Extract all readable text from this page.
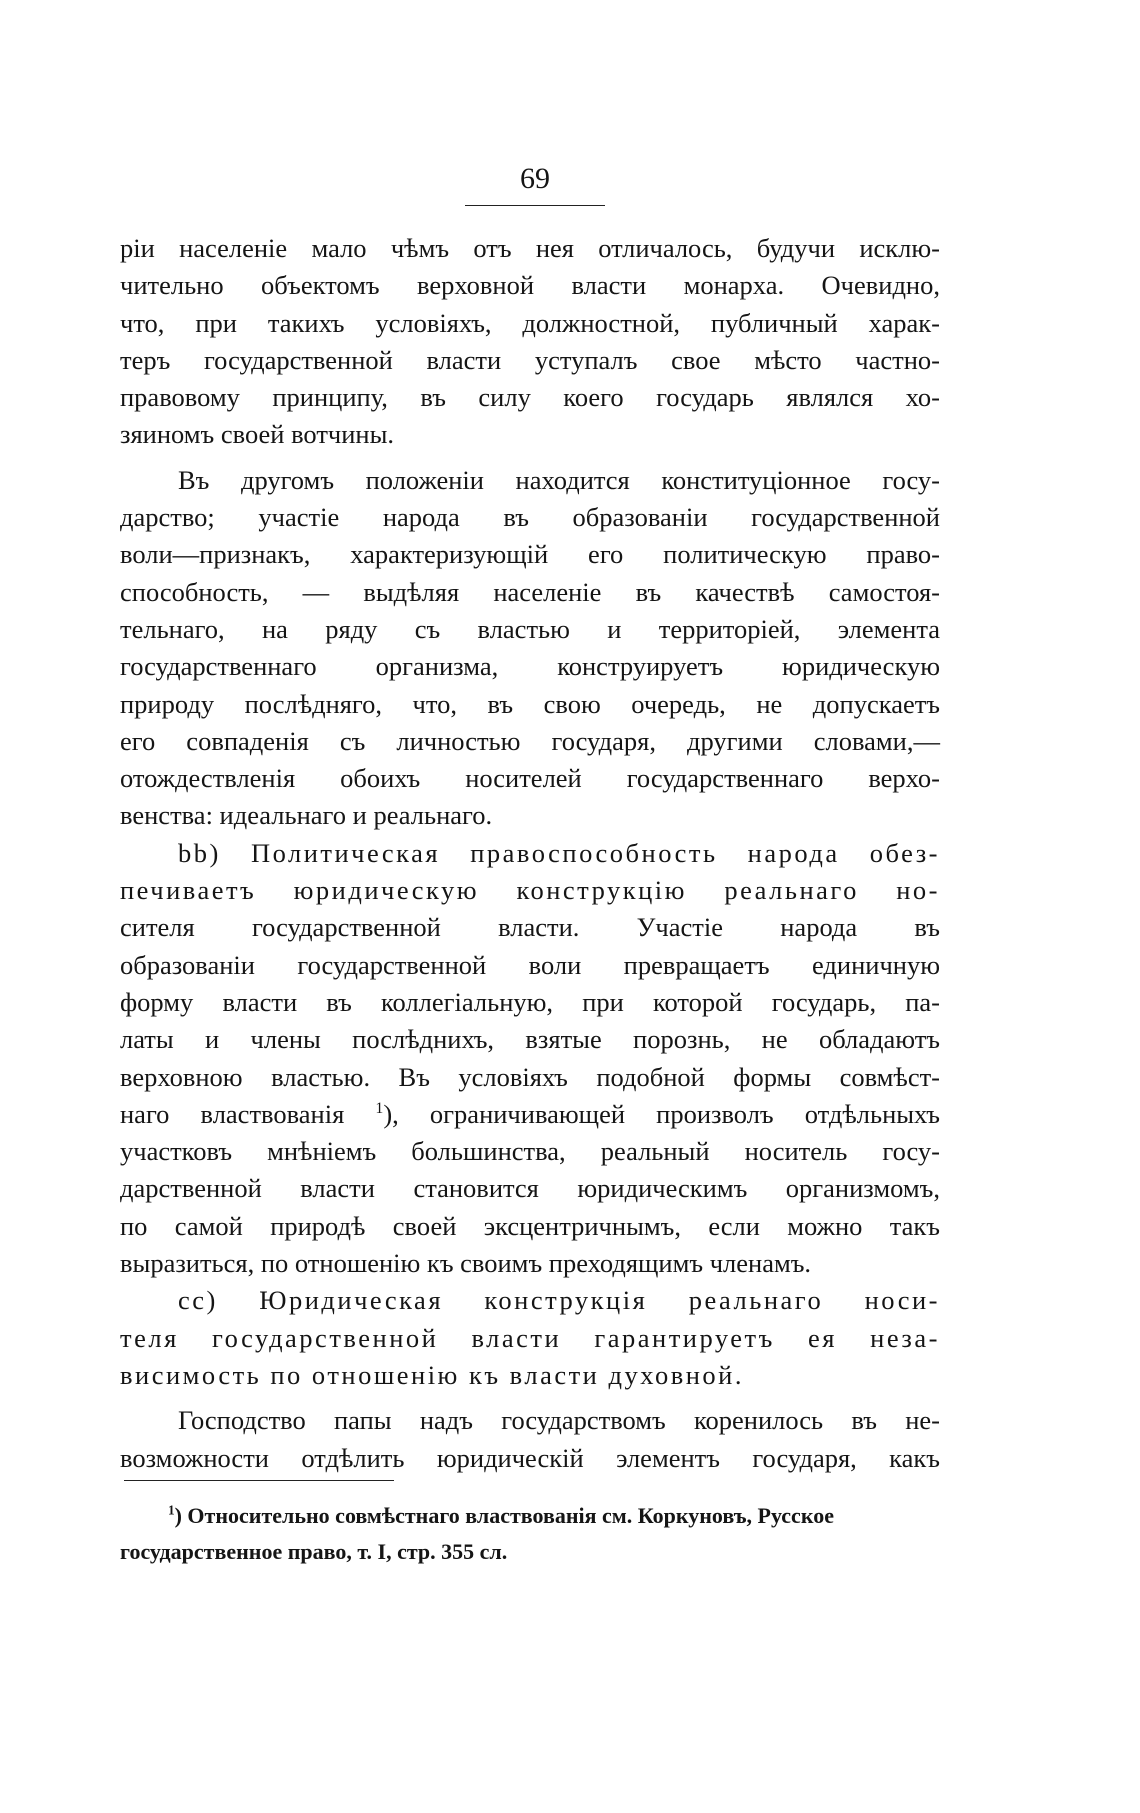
69
ріи населеніе мало чѣмъ отъ нея отличалось, будучи исклю-
чительно объектомъ верховной власти монарха. Очевидно,
что, при такихъ условіяхъ, должностной, публичный харак-
теръ государственной власти уступалъ свое мѣсто частно-
правовому принципу, въ силу коего государь являлся хо-
зяиномъ своей вотчины.
Въ другомъ положеніи находится конституціонное госу-
дарство; участіе народа въ образованіи государственной
воли—признакъ, характеризующій его политическую право-
способность, — выдѣляя населеніе въ качествѣ самостоя-
тельнаго, на ряду съ властью и территоріей, элемента
государственнаго организма, конструируетъ юридическую
природу послѣдняго, что, въ свою очередь, не допускаетъ
его совпаденія съ личностью государя, другими словами,—
отождествленія обоихъ носителей государственнаго верхо-
венства: идеальнаго и реальнаго.
bb) Политическая правоспособность народа обез-
печиваетъ юридическую конструкцію реальнаго но-
сителя государственной власти. Участіе народа въ
образованіи государственной воли превращаетъ единичную
форму власти въ коллегіальную, при которой государь, па-
латы и члены послѣднихъ, взятые порознь, не обладаютъ
верховною властью. Въ условіяхъ подобной формы совмѣст-
наго властвованія $^1$), ограничивающей произволъ отдѣльныхъ
участковъ мнѣніемъ большинства, реальный носитель госу-
дарственной власти становится юридическимъ организмомъ,
по самой природѣ своей эксцентричнымъ, если можно такъ
выразиться, по отношенію къ своимъ преходящимъ членамъ.
cc) Юридическая конструкція реальнаго носи-
теля государственной власти гарантируетъ ея неза-
висимость по отношенію къ власти духовной.
Господство папы надъ государствомъ коренилось въ не-
возможности отдѣлить юридическій элементъ государя, какъ
$^1$) Относительно совмѣстнаго властвованія см. Коркуновъ, Русское
государственное право, т. I, стр. 355 сл.
